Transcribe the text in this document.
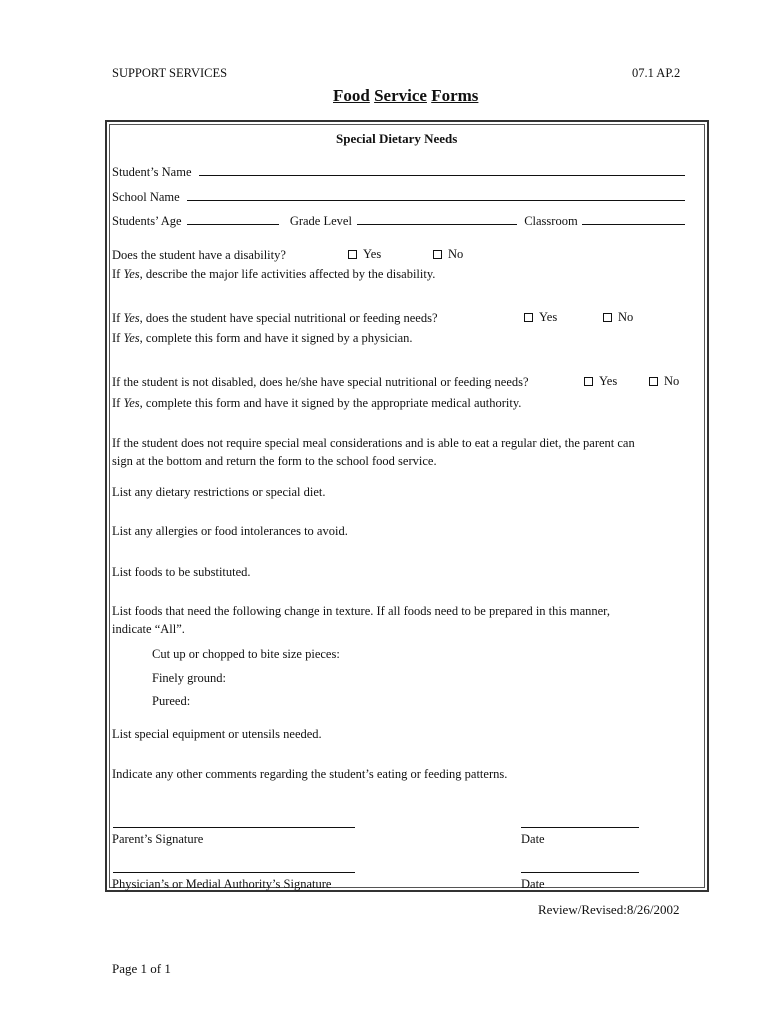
SUPPORT SERVICES	07.1 AP.2
Food Service Forms
Special Dietary Needs
Student’s Name
School Name
Students’ Age	Grade Level	Classroom
Does the student have a disability?	Yes	No
If Yes, describe the major life activities affected by the disability.
If Yes, does the student have special nutritional or feeding needs?	Yes	No
If Yes, complete this form and have it signed by a physician.
If the student is not disabled, does he/she have special nutritional or feeding needs?	Yes	No
If Yes, complete this form and have it signed by the appropriate medical authority.
If the student does not require special meal considerations and is able to eat a regular diet, the parent can
sign at the bottom and return the form to the school food service.
List any dietary restrictions or special diet.
List any allergies or food intolerances to avoid.
List foods to be substituted.
List foods that need the following change in texture. If all foods need to be prepared in this manner,
indicate “All”.
Cut up or chopped to bite size pieces:
Finely ground:
Pureed:
List special equipment or utensils needed.
Indicate any other comments regarding the student’s eating or feeding patterns.
Parent’s Signature	Date
Physician’s or Medial Authority’s Signature	Date
Review/Revised:8/26/2002
Page 1 of 1
